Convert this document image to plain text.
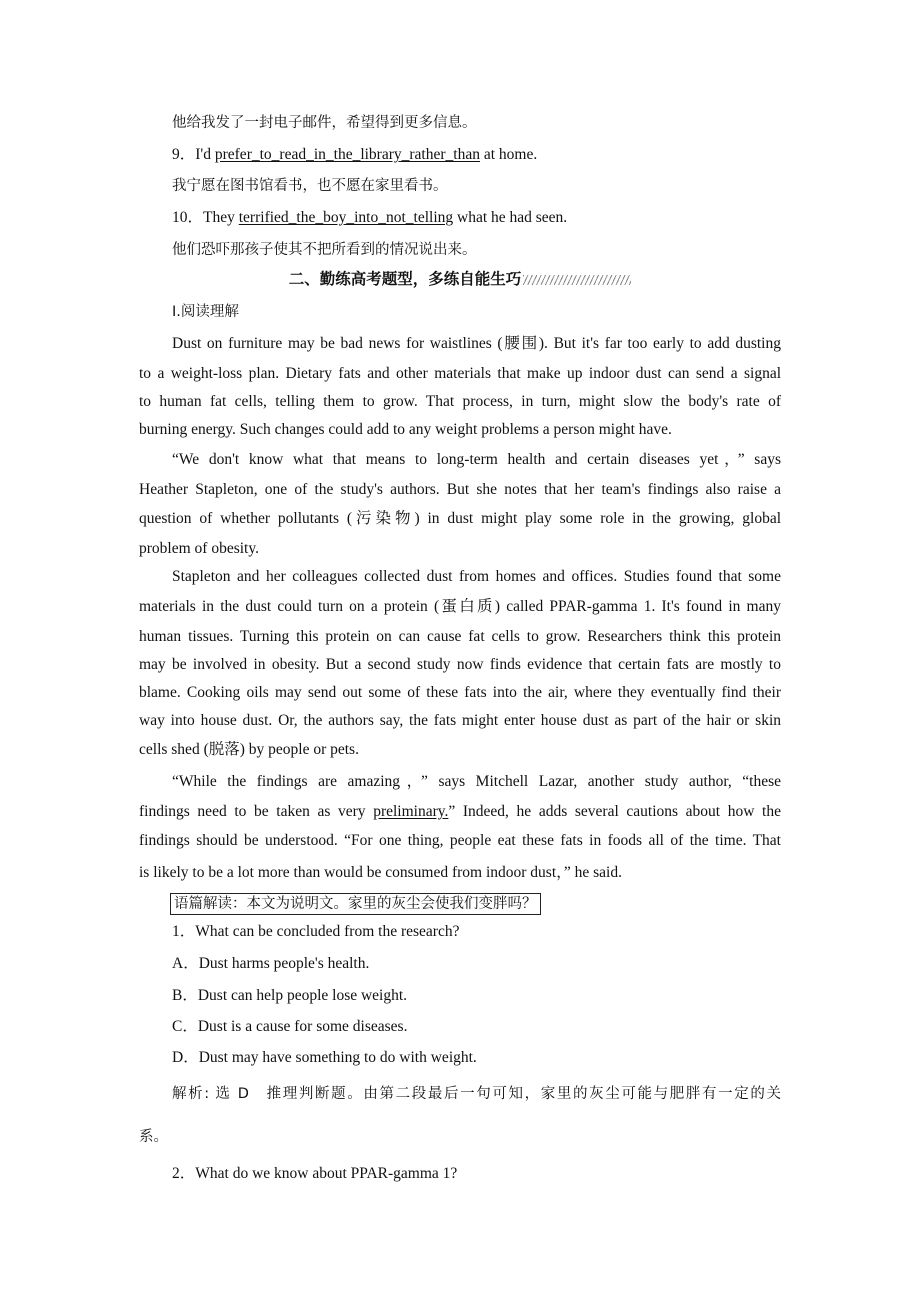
他给我发了一封电子邮件，希望得到更多信息。
9．I'd prefer_to_read_in_the_library_rather_than at home.
我宁愿在图书馆看书，也不愿在家里看书。
10．They terrified_the_boy_into_not_telling what he had seen.
他们恐吓那孩子使其不把所看到的情况说出来。
二、勤练高考题型，多练自能生巧
Ⅰ.阅读理解
Dust on furniture may be bad news for waistlines (腰围). But it's far too early to add dusting
to a weight-loss plan. Dietary fats and other materials that make up indoor dust can send a signal
to human fat cells, telling them to grow. That process, in turn, might slow the body's rate of
burning energy. Such changes could add to any weight problems a person might have.
“We don't know what that means to long-term health and certain diseases yet，” says
Heather Stapleton, one of the study's authors. But she notes that her team's findings also raise a
question of whether pollutants (污染物) in dust might play some role in the growing, global
problem of obesity.
Stapleton and her colleagues collected dust from homes and offices. Studies found that some
materials in the dust could turn on a protein (蛋白质) called PPAR-gamma 1. It's found in many
human tissues. Turning this protein on can cause fat cells to grow. Researchers think this protein
may be involved in obesity. But a second study now finds evidence that certain fats are mostly to
blame. Cooking oils may send out some of these fats into the air, where they eventually find their
way into house dust. Or, the authors say, the fats might enter house dust as part of the hair or skin
cells shed (脱落) by people or pets.
“While the findings are amazing，” says Mitchell Lazar, another study author, “these
findings need to be taken as very preliminary.” Indeed, he adds several cautions about how the
findings should be understood. “For one thing, people eat these fats in foods all of the time. That
is likely to be a lot more than would be consumed from indoor dust，” he said.
语篇解读：本文为说明文。家里的灰尘会使我们变胖吗？
1．What can be concluded from the research?
A．Dust harms people's health.
B．Dust can help people lose weight.
C．Dust is a cause for some diseases.
D．Dust may have something to do with weight.
解析: 选 D　推理判断题。由第二段最后一句可知，家里的灰尘可能与肥胖有一定的关
系。
2．What do we know about PPAR-gamma 1?
